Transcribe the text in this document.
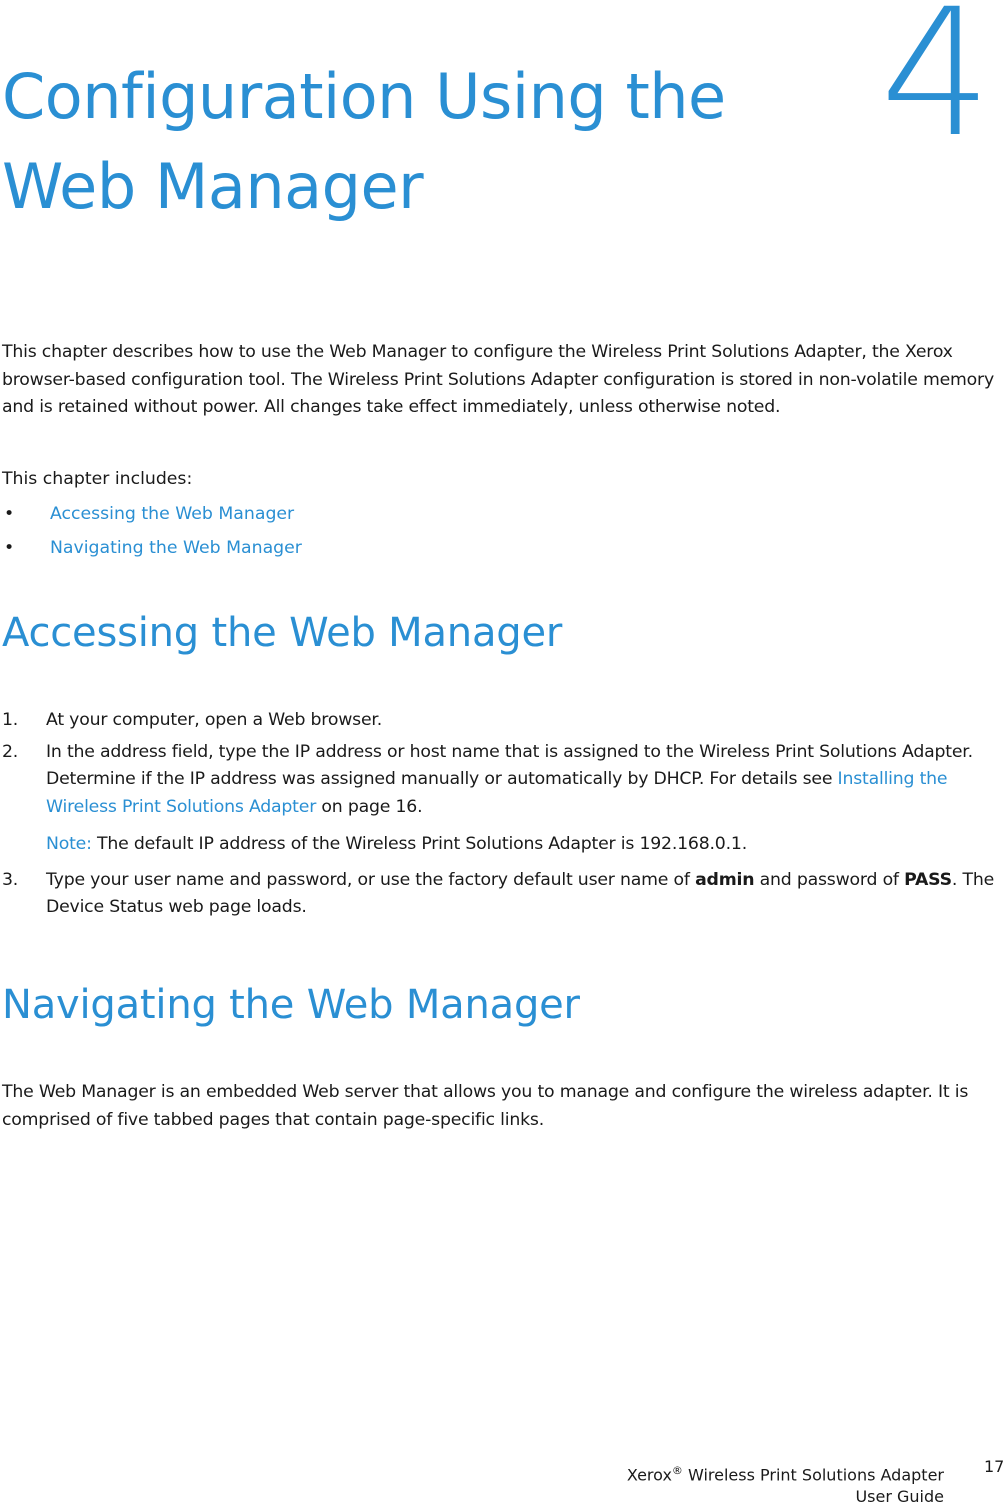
4
Configuration Using the
Web Manager

This chapter describes how to use the Web Manager to configure the Wireless Print Solutions Adapter, the Xerox browser-based configuration tool. The Wireless Print Solutions Adapter configuration is stored in non-volatile memory and is retained without power. All changes take effect immediately, unless otherwise noted.

This chapter includes:

• Accessing the Web Manager
• Navigating the Web Manager
Accessing the Web Manager
1. At your computer, open a Web browser.
2. In the address field, type the IP address or host name that is assigned to the Wireless Print Solutions Adapter. Determine if the IP address was assigned manually or automatically by DHCP. For details see Installing the Wireless Print Solutions Adapter on page 16.
Note: The default IP address of the Wireless Print Solutions Adapter is 192.168.0.1.
3. Type your user name and password, or use the factory default user name of admin and password of PASS. The Device Status web page loads.
Navigating the Web Manager

The Web Manager is an embedded Web server that allows you to manage and configure the wireless adapter. It is comprised of five tabbed pages that contain page-specific links.

Xerox® Wireless Print Solutions Adapter
User Guide
17
